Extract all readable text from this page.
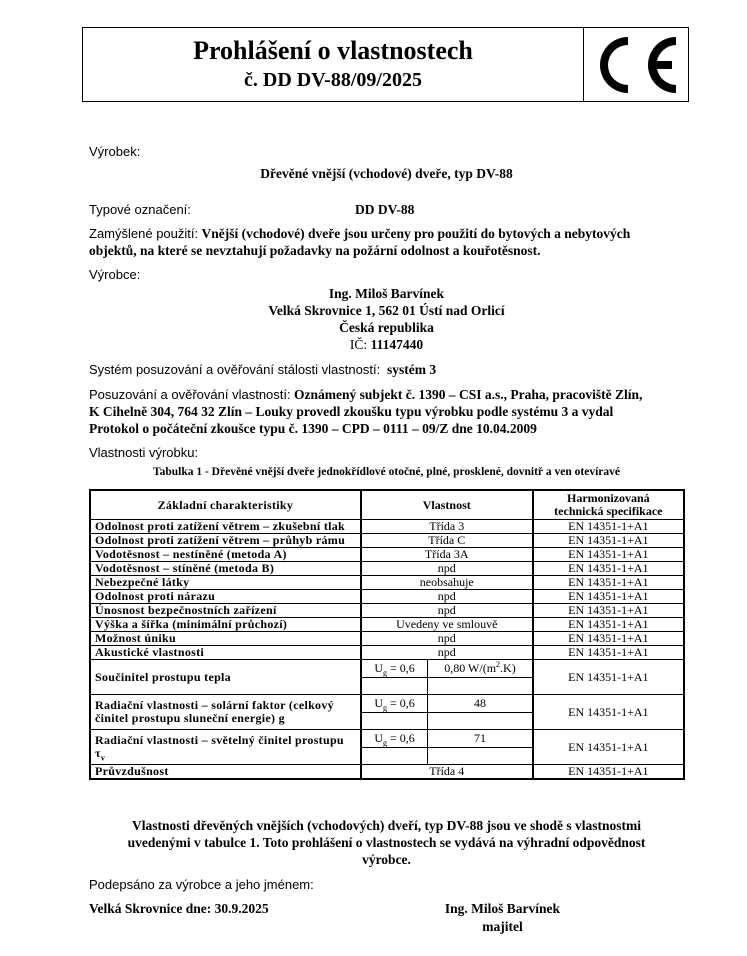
Prohlášení o vlastnostech
č. DD DV-88/09/2025
Výrobek:
Dřevěné vnější (vchodové) dveře, typ DV-88
Typové označení:	DD DV-88
Zamýšlené použití: Vnější (vchodové) dveře jsou určeny pro použití do bytových a nebytových
objektů, na které se nevztahují požadavky na požární odolnost a kouřotěsnost.
Výrobce:
Ing. Miloš Barvínek
Velká Skrovnice 1, 562 01 Ústí nad Orlicí
Česká republika
IČ: 11147440
Systém posuzování a ověřování stálosti vlastností: systém 3
Posuzování a ověřování vlastností: Oznámený subjekt č. 1390 – CSI a.s., Praha, pracoviště Zlín,
K Cihelně 304, 764 32 Zlín – Louky provedl zkoušku typu výrobku podle systému 3 a vydal
Protokol o počáteční zkoušce typu č. 1390 – CPD – 0111 – 09/Z dne 10.04.2009
Vlastnosti výrobku:
Tabulka 1 - Dřevěné vnější dveře jednokřídlové otočné, plné, prosklené, dovnitř a ven otevíravé
Základní charakteristiky	Vlastnost		Harmonizovaná
technická specifikace

Odolnost proti zatížení větrem – zkušební tlak	Třída 3		EN 14351-1+A1
Odolnost proti zatížení větrem – průhyb rámu	Třída C		EN 14351-1+A1
Vodotěsnost – nestíněné (metoda A)	Třída 3A		EN 14351-1+A1
Vodotěsnost – stíněné (metoda B)	npd		EN 14351-1+A1
Nebezpečné látky	neobsahuje		EN 14351-1+A1
Odolnost proti nárazu	npd		EN 14351-1+A1
Únosnost bezpečnostních zařízení	npd		EN 14351-1+A1
Výška a šířka (minimální průchozí)	Uvedeny ve smlouvě		EN 14351-1+A1
Možnost úniku	npd		EN 14351-1+A1
Akustické vlastnosti	npd		EN 14351-1+A1
Součinitel prostupu tepla	$U_g = 0,6$	0,80 $W/(m^2.K)$	EN 14351-1+A1

Radiační vlastnosti – solární faktor (celkový činitel prostupu sluneční energie) g	$U_g = 0,6$	48	EN 14351-1+A1

Radiační vlastnosti – světelný činitel prostupu
$\tau_v$	$U_g = 0,6$	71	EN 14351-1+A1

Průvzdušnost	Třída 4		EN 14351-1+A1
Vlastnosti dřevěných vnějších (vchodových) dveří, typ DV-88 jsou ve shodě s vlastnostmi
uvedenými v tabulce 1. Toto prohlášení o vlastnostech se vydává na výhradní odpovědnost
výrobce.
Podepsáno za výrobce a jeho jménem:
Velká Skrovnice dne: 30.9.2025	Ing. Miloš Barvínek
majitel
